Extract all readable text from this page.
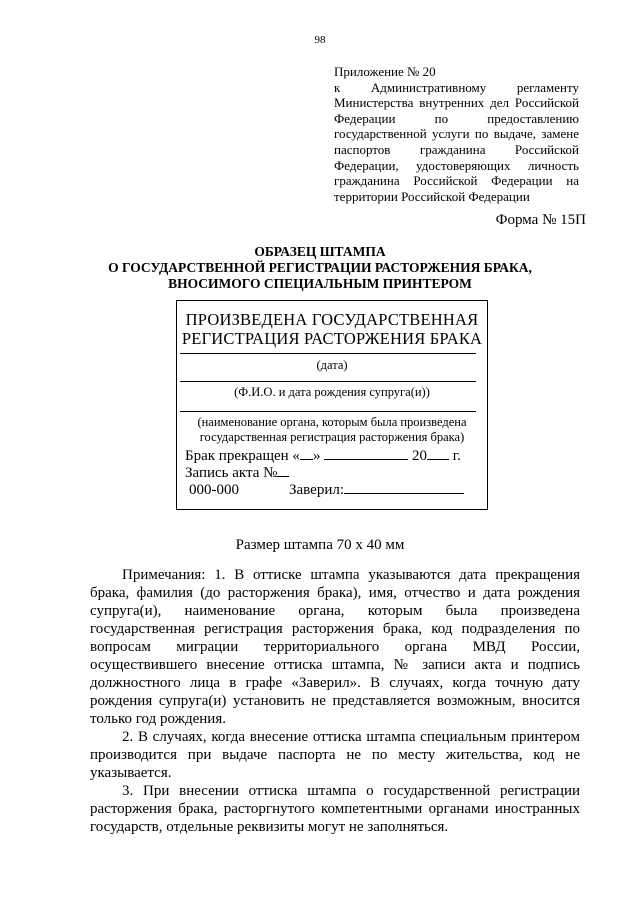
98
Приложение № 20
к Административному регламенту
Министерства внутренних дел Российской
Федерации по предоставлению
государственной услуги по выдаче, замене
паспортов гражданина Российской
Федерации, удостоверяющих личность
гражданина Российской Федерации на
территории Российской Федерации
Форма № 15П
ОБРАЗЕЦ ШТАМПА
О ГОСУДАРСТВЕННОЙ РЕГИСТРАЦИИ РАСТОРЖЕНИЯ БРАКА,
ВНОСИМОГО СПЕЦИАЛЬНЫМ ПРИНТЕРОМ
ПРОИЗВЕДЕНА ГОСУДАРСТВЕННАЯ
РЕГИСТРАЦИЯ РАСТОРЖЕНИЯ БРАКА
(дата)
(Ф.И.О. и дата рождения супруга(и))
(наименование органа, которым была произведена
государственная регистрация расторжения брака)
Брак прекращен « »	20 г.
Запись акта №
000-000	Заверил:
Размер штампа 70 х 40 мм

Примечания: 1. В оттиске штампа указываются дата прекращения брака, фамилия (до расторжения брака), имя, отчество и дата рождения супруга(и), наименование органа, которым была произведена государственная регистрация расторжения брака, код подразделения по вопросам миграции территориального органа МВД России, осуществившего внесение оттиска штампа, № записи акта и подпись должностного лица в графе «Заверил». В случаях, когда точную дату рождения супруга(и) установить не представляется возможным, вносится только год рождения.

2. В случаях, когда внесение оттиска штампа специальным принтером производится при выдаче паспорта не по месту жительства, код не указывается.

3. При внесении оттиска штампа о государственной регистрации расторжения брака, расторгнутого компетентными органами иностранных государств, отдельные реквизиты могут не заполняться.
